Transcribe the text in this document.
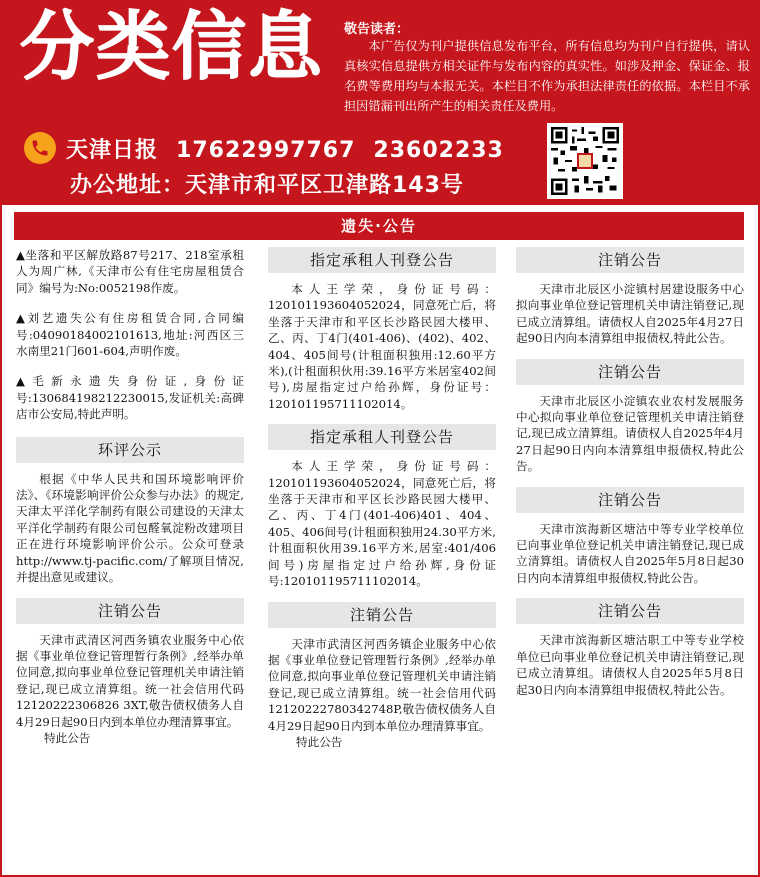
分类信息 敬告读者：
本广告仅为刊户提供信息发布平台，所有信息均为刊户自行提供，请认真核实信息提供方相关证件与发布内容的真实性。如涉及押金、保证金、报名费等费用均与本报无关。本栏目不作为承担法律责任的依据。本栏目不承担因错漏刊出所产生的相关责任及费用。
天津日报 17622997767 23602233
办公地址：天津市和平区卫津路143号
遗失·公告
▲坐落和平区解放路87号217、218室承租人为周广林,《天津市公有住宅房屋租赁合同》编号为:No:0052198作废。
▲刘艺遗失公有住房租赁合同,合同编号:04090184002101613,地址:河西区三水南里21门601-604,声明作废。
▲毛新永遗失身份证,身份证号:130684198212230015,发证机关:高碑店市公安局,特此声明。
环评公示
根据《中华人民共和国环境影响评价法》、《环境影响评价公众参与办法》的规定,天津太平洋化学制药有限公司建设的天津太平洋化学制药有限公司包醛氧淀粉改建项目正在进行环境影响评价公示。公众可登录http://www.tj-pacific.com/了解项目情况,并提出意见或建议。
注销公告
天津市武清区河西务镇农业服务中心依据《事业单位登记管理暂行条例》,经举办单位同意,拟向事业单位登记管理机关申请注销登记,现已成立清算组。统一社会信用代码12120222306826 3XT,敬告债权债务人自4月29日起90日内到本单位办理清算事宜。
特此公告
指定承租人刊登公告
本人王学荣，身份证号码：120101193604052024，同意死亡后，将坐落于天津市和平区长沙路民园大楼甲、乙、丙、丁4门(401-406)、(402)、402、404、405间号(计租面积独用:12.60平方米),(计租面积伙用:39.16平方米居室402间号),房屋指定过户给孙辉，身份证号：120101195711102014。
指定承租人刊登公告
本人王学荣，身份证号码：120101193604052024，同意死亡后，将坐落于天津市和平区长沙路民园大楼甲、乙、丙、丁4门(401-406)401、404、405、406间号(计租面积独用24.30平方米,计租面积伙用39.16平方米,居室:401/406间号)房屋指定过户给孙辉,身份证号:120101195711102014。
注销公告
天津市武清区河西务镇企业服务中心依据《事业单位登记管理暂行条例》,经举办单位同意,拟向事业单位登记管理机关申请注销登记,现已成立清算组。统一社会信用代码12120222780342748P,敬告债权债务人自4月29日起90日内到本单位办理清算事宜。
特此公告
注销公告
天津市北辰区小淀镇村居建设服务中心拟向事业单位登记管理机关申请注销登记,现已成立清算组。请债权人自2025年4月27日起90日内向本清算组申报债权,特此公告。
注销公告
天津市北辰区小淀镇农业农村发展服务中心拟向事业单位登记管理机关申请注销登记,现已成立清算组。请债权人自2025年4月27日起90日内向本清算组申报债权,特此公告。
注销公告
天津市滨海新区塘沽中等专业学校单位已向事业单位登记机关申请注销登记,现已成立清算组。请债权人自2025年5月8日起30日内向本清算组申报债权,特此公告。
注销公告
天津市滨海新区塘沽职工中等专业学校单位已向事业单位登记机关申请注销登记,现已成立清算组。请债权人自2025年5月8日起30日内向本清算组申报债权,特此公告。
